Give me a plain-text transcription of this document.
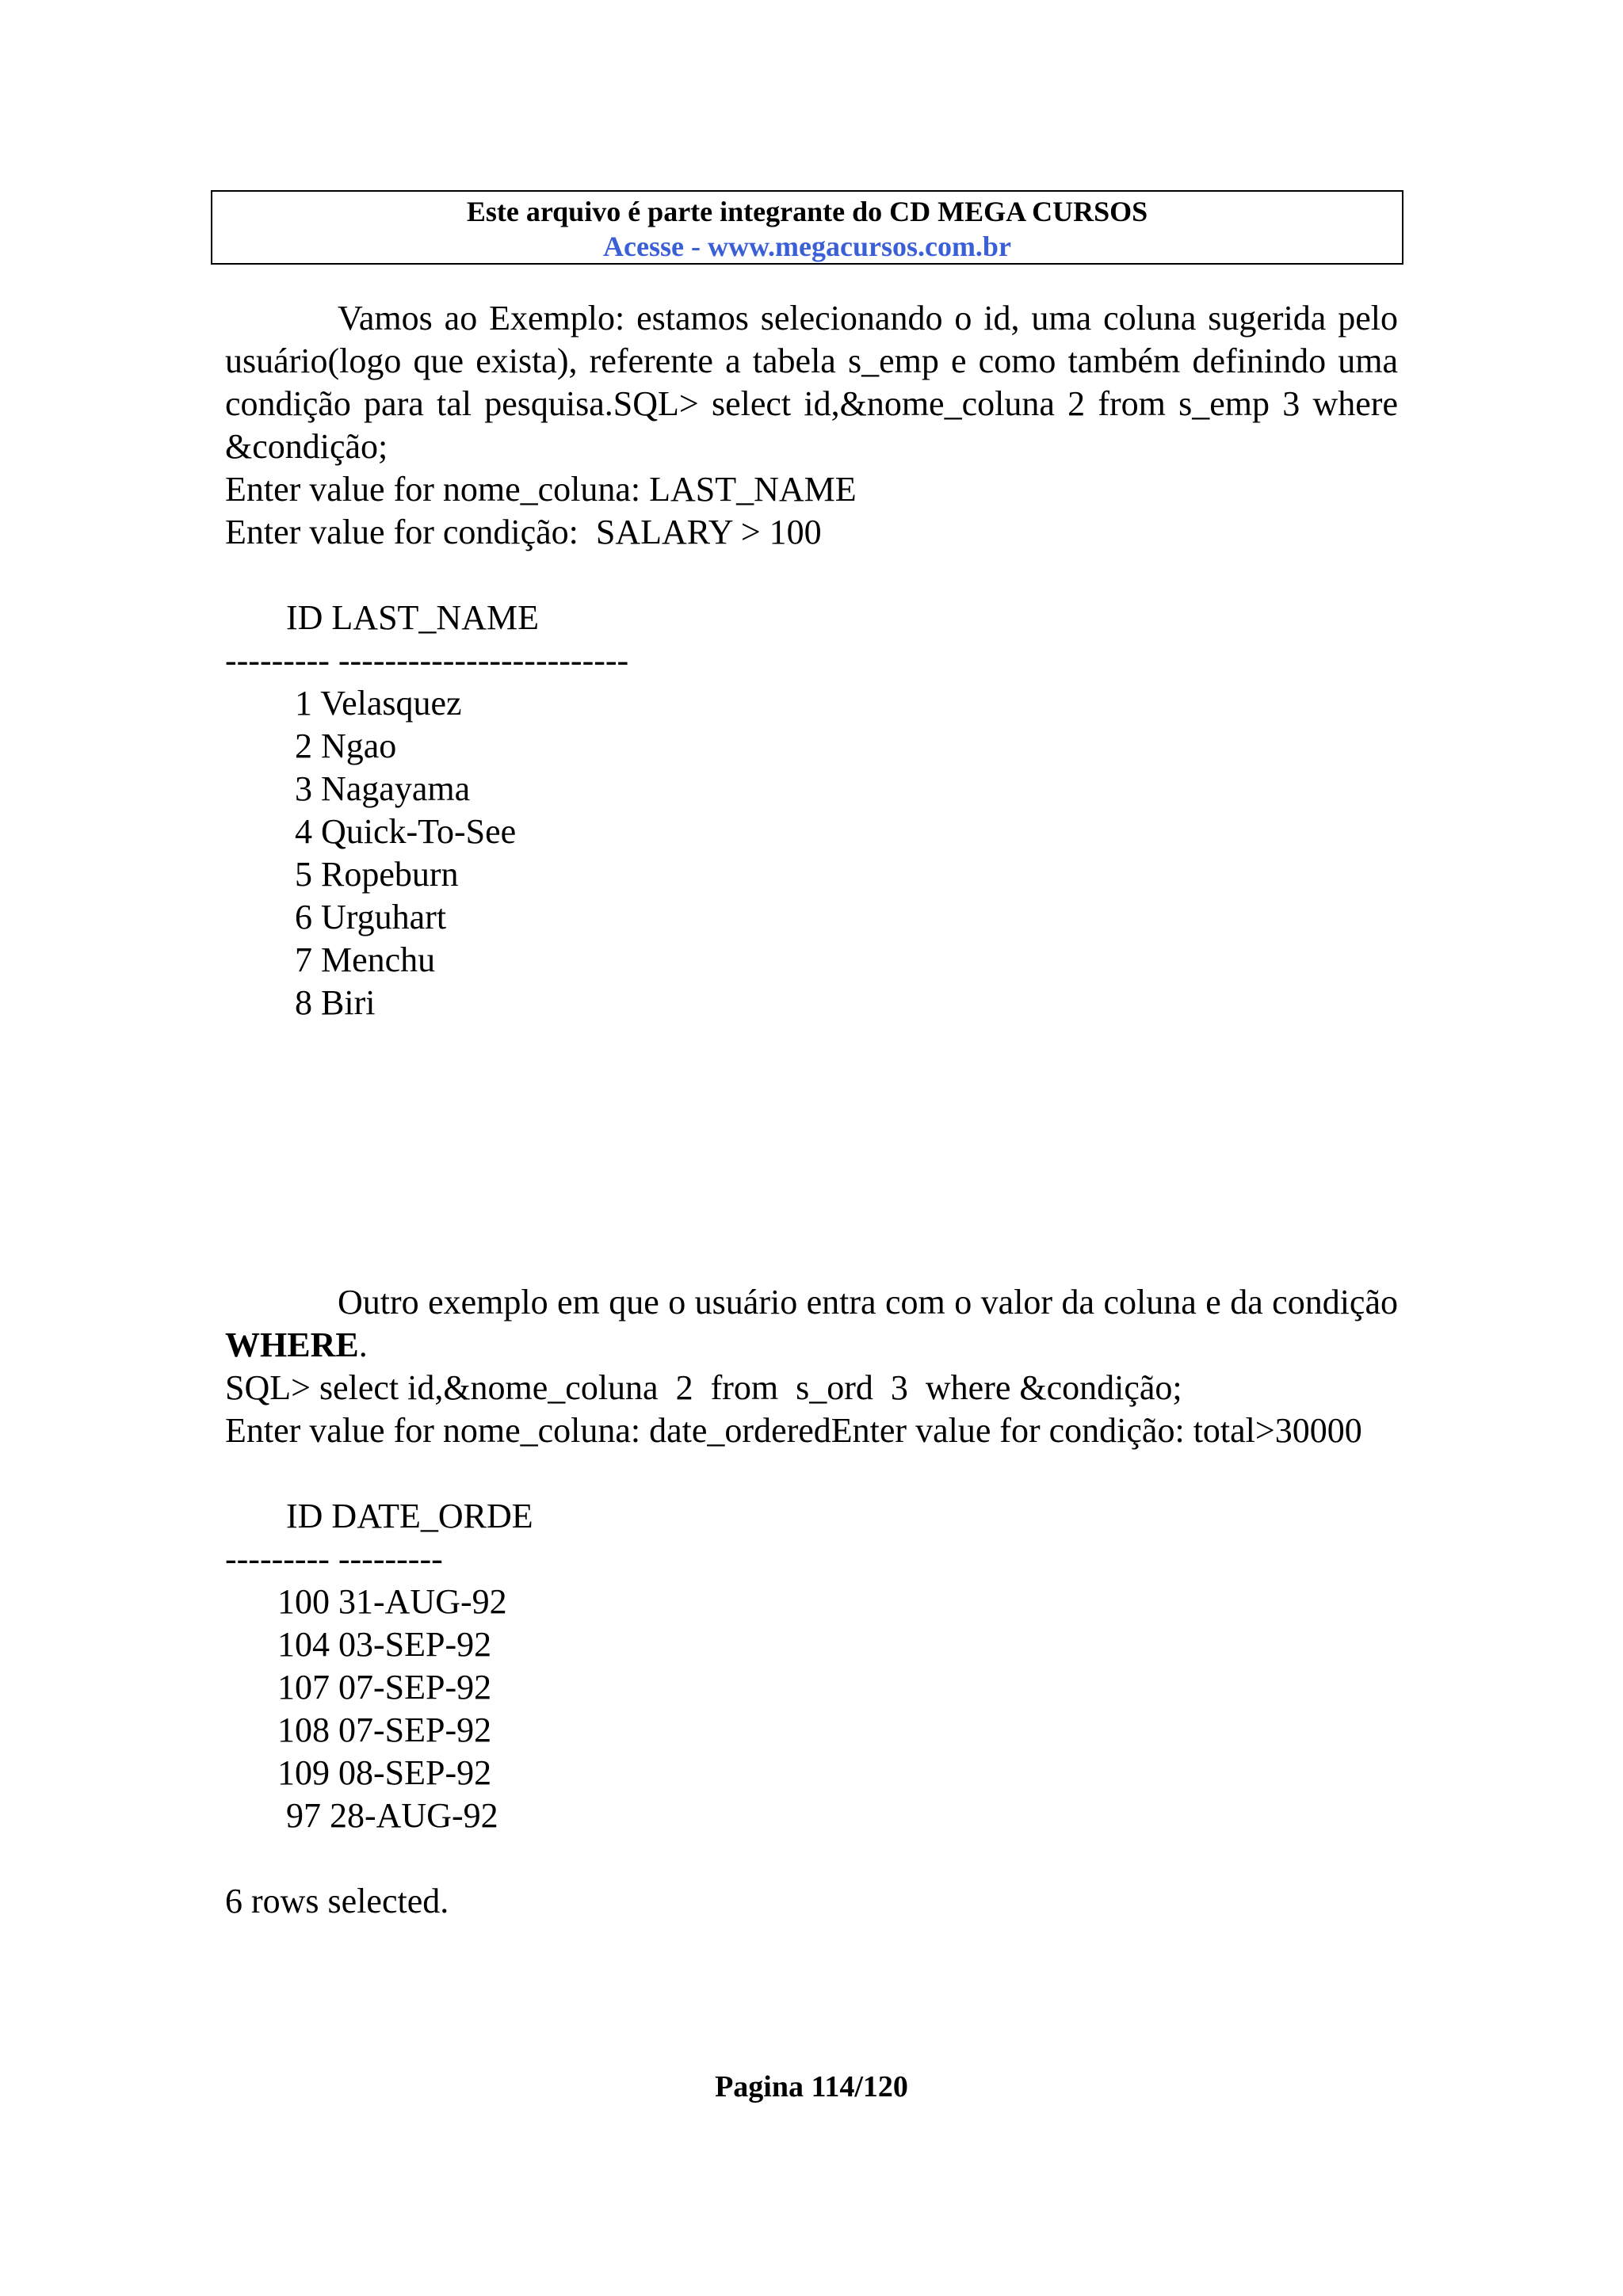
Este arquivo é parte integrante do CD MEGA CURSOS
Acesse - www.megacursos.com.br

Vamos ao Exemplo: estamos selecionando o id, uma coluna sugerida pelo usuário(logo que exista), referente a tabela s_emp e como também definindo uma condição para tal pesquisa.SQL> select id,&nome_coluna 2 from s_emp 3 where &condição;

Enter value for nome_coluna: LAST_NAME

Enter value for condição:  SALARY > 100

ID LAST_NAME

--------- -------------------------

1 Velasquez

2 Ngao

3 Nagayama

4 Quick-To-See

5 Ropeburn

6 Urguhart

7 Menchu

8 Biri

Outro exemplo em que o usuário entra com o valor da coluna e da condição WHERE.

SQL> select id,&nome_coluna  2  from  s_ord  3  where &condição;

Enter value for nome_coluna: date_orderedEnter value for condição: total>30000

ID DATE_ORDE

--------- ---------

100 31-AUG-92

104 03-SEP-92

107 07-SEP-92

108 07-SEP-92

109 08-SEP-92

97 28-AUG-92

6 rows selected.

Pagina 114/120
